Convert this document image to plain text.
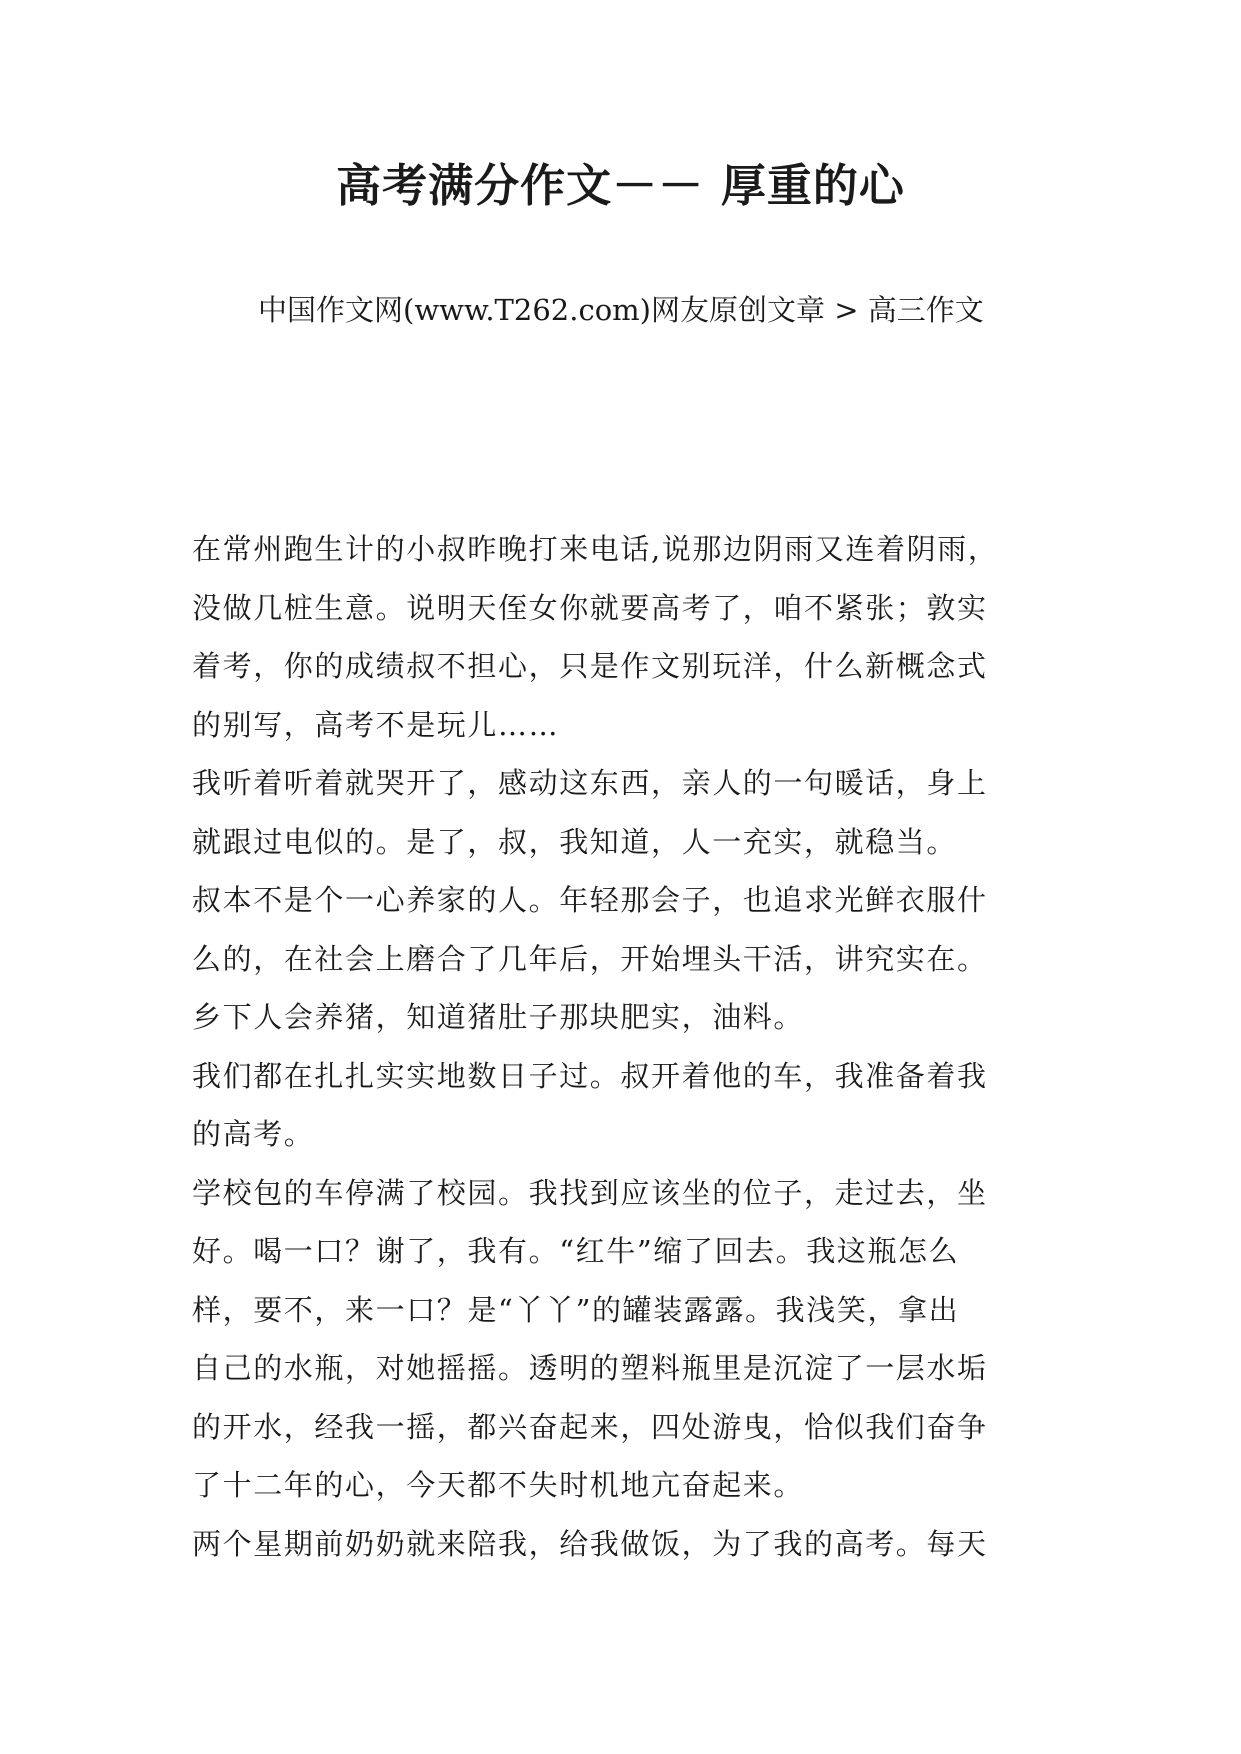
高考满分作文－－ 厚重的心

中国作文网(www.T262.com)网友原创文章 > 高三作文

在常州跑生计的小叔昨晚打来电话,说那边阴雨又连着阴雨，
没做几桩生意。说明天侄女你就要高考了，咱不紧张；敦实
着考，你的成绩叔不担心，只是作文别玩洋，什么新概念式
的别写，高考不是玩儿……
我听着听着就哭开了，感动这东西，亲人的一句暖话，身上
就跟过电似的。是了，叔，我知道，人一充实，就稳当。
叔本不是个一心养家的人。年轻那会子，也追求光鲜衣服什
么的，在社会上磨合了几年后，开始埋头干活，讲究实在。
乡下人会养猪，知道猪肚子那块肥实，油料。
我们都在扎扎实实地数日子过。叔开着他的车，我准备着我
的高考。
学校包的车停满了校园。我找到应该坐的位子，走过去，坐
好。喝一口？谢了，我有。“红牛”缩了回去。我这瓶怎么
样，要不，来一口？是“丫丫”的罐装露露。我浅笑，拿出
自己的水瓶，对她摇摇。透明的塑料瓶里是沉淀了一层水垢
的开水，经我一摇，都兴奋起来，四处游曳，恰似我们奋争
了十二年的心，今天都不失时机地亢奋起来。
两个星期前奶奶就来陪我，给我做饭，为了我的高考。每天
